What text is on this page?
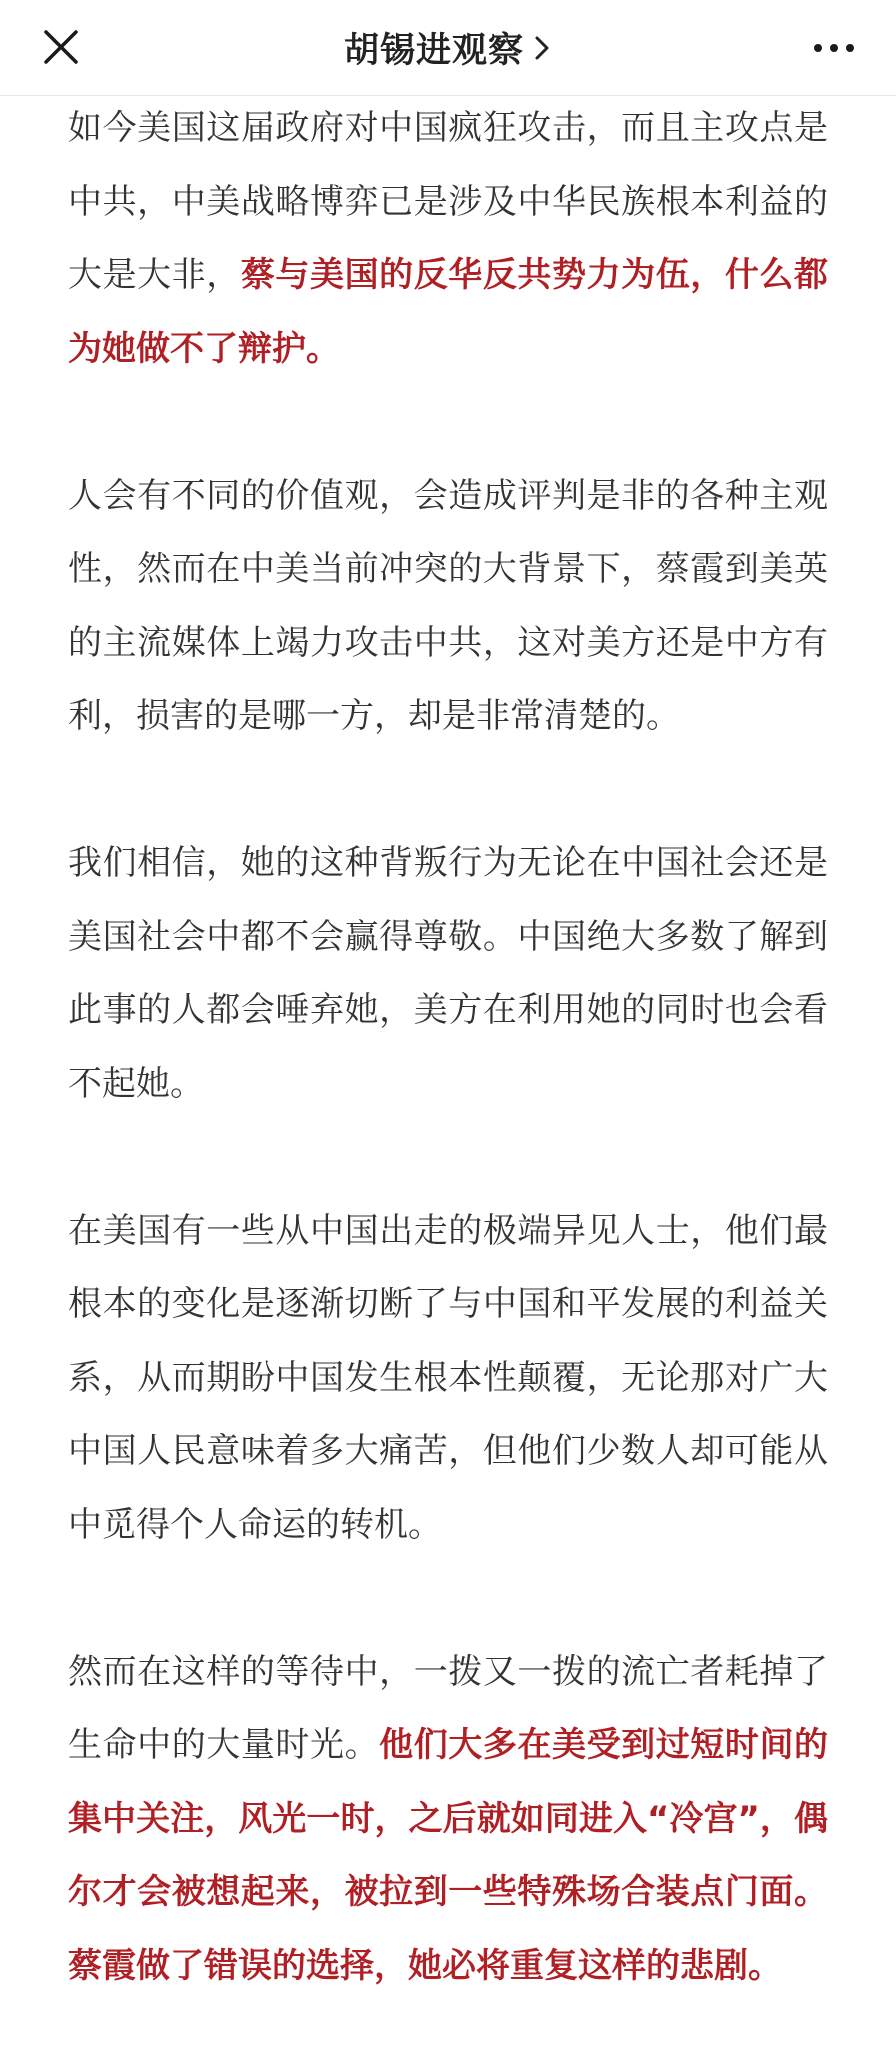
胡锡进观察

如今美国这届政府对中国疯狂攻击，而且主攻点是中共，中美战略博弈已是涉及中华民族根本利益的大是大非，蔡与美国的反华反共势力为伍，什么都为她做不了辩护。

人会有不同的价值观，会造成评判是非的各种主观性，然而在中美当前冲突的大背景下，蔡霞到美英的主流媒体上竭力攻击中共，这对美方还是中方有利，损害的是哪一方，却是非常清楚的。

我们相信，她的这种背叛行为无论在中国社会还是美国社会中都不会赢得尊敬。中国绝大多数了解到此事的人都会唾弃她，美方在利用她的同时也会看不起她。

在美国有一些从中国出走的极端异见人士，他们最根本的变化是逐渐切断了与中国和平发展的利益关系，从而期盼中国发生根本性颠覆，无论那对广大中国人民意味着多大痛苦，但他们少数人却可能从中觅得个人命运的转机。

然而在这样的等待中，一拨又一拨的流亡者耗掉了生命中的大量时光。他们大多在美受到过短时间的集中关注，风光一时，之后就如同进入“冷宫”，偶尔才会被想起来，被拉到一些特殊场合装点门面。蔡霞做了错误的选择，她必将重复这样的悲剧。
